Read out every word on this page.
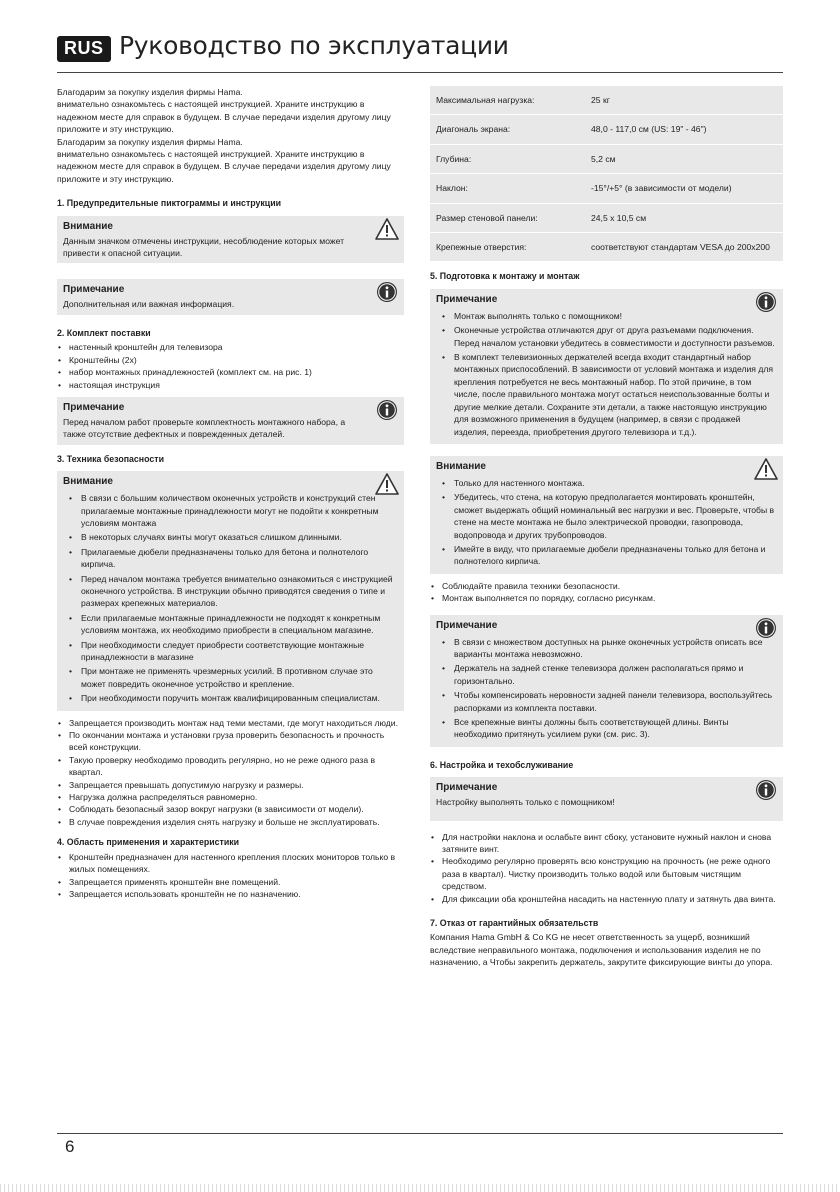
RUS Руководство по эксплуатации

Благодарим за покупку изделия фирмы Hama.

внимательно ознакомьтесь с настоящей инструкцией. Храните инструкцию в надежном месте для справок в будущем. В случае передачи изделия другому лицу приложите и эту инструкцию.

Благодарим за покупку изделия фирмы Hama.

внимательно ознакомьтесь с настоящей инструкцией. Храните инструкцию в надежном месте для справок в будущем. В случае передачи изделия другому лицу приложите и эту инструкцию.

1. Предупредительные пиктограммы и инструкции
Внимание

Данным значком отмечены инструкции, несоблюдение которых может привести к опасной ситуации.

Примечание

Дополнительная или важная информация.

2. Комплект поставки
• настенный кронштейн для телевизора
• Кронштейны (2x)
• набор монтажных принадлежностей (комплект см. на рис. 1)
• настоящая инструкция
Примечание

Перед началом работ проверьте комплектность монтажного набора, а также отсутствие дефектных и поврежденных деталей.

3. Техника безопасности
Внимание
• В связи с большим количеством оконечных устройств и конструкций стен прилагаемые монтажные принадлежности могут не подойти к конкретным условиям монтажа
• В некоторых случаях винты могут оказаться слишком длинными.
• Прилагаемые дюбели предназначены только для бетона и полнотелого кирпича.
• Перед началом монтажа требуется внимательно ознакомиться с инструкцией оконечного устройства. В инструкции обычно приводятся сведения о типе и размерах крепежных материалов.
• Если прилагаемые монтажные принадлежности не подходят к конкретным условиям монтажа, их необходимо приобрести в специальном магазине.
• При необходимости следует приобрести соответствующие монтажные принадлежности в магазине
• При монтаже не применять чрезмерных усилий. В противном случае это может повредить оконечное устройство и крепление.
• При необходимости поручить монтаж квалифицированным специалистам.
• Запрещается производить монтаж над теми местами, где могут находиться люди.
• По окончании монтажа и установки груза проверить безопасность и прочность всей конструкции.
• Такую проверку необходимо проводить регулярно, но не реже одного раза в квартал.
• Запрещается превышать допустимую нагрузку и размеры.
• Нагрузка должна распределяться равномерно.
• Соблюдать безопасный зазор вокруг нагрузки (в зависимости от модели).
• В случае повреждения изделия снять нагрузку и больше не эксплуатировать.
4. Область применения и характеристики
• Кронштейн предназначен для настенного крепления плоских мониторов только в жилых помещениях.
• Запрещается применять кронштейн вне помещений.
• Запрещается использовать кронштейн не по назначению.
Максимальная нагрузка:	25 кг
Диагональ экрана:	48,0 - 117,0 см (US: 19" - 46")
Глубина:	5,2 см
Наклон:	-15°/+5° (в зависимости от модели)
Размер стеновой панели:	24,5 x 10,5 см
Крепежные отверстия:	соответствуют стандартам VESA до 200x200
5. Подготовка к монтажу и монтаж
Примечание
• Монтаж выполнять только с помощником!
• Оконечные устройства отличаются друг от друга разъемами подключения. Перед началом установки убедитесь в совместимости и доступности разъемов.
• В комплект телевизионных держателей всегда входит стандартный набор монтажных приспособлений. В зависимости от условий монтажа и изделия для крепления потребуется не весь монтажный набор. По этой причине, в том числе, после правильного монтажа могут остаться неиспользованные болты и другие мелкие детали. Сохраните эти детали, а также настоящую инструкцию для возможного применения в будущем (например, в связи с продажей изделия, переезда, приобретения другого телевизора и т.д.).
Внимание
• Только для настенного монтажа.
• Убедитесь, что стена, на которую предполагается монтировать кронштейн, сможет выдержать общий номинальный вес нагрузки и вес. Проверьте, чтобы в стене на месте монтажа не было электрической проводки, газопровода, водопровода и других трубопроводов.
• Имейте в виду, что прилагаемые дюбели предназначены только для бетона и полнотелого кирпича.
• Соблюдайте правила техники безопасности.
• Монтаж выполняется по порядку, согласно рисункам.
Примечание
• В связи с множеством доступных на рынке оконечных устройств описать все варианты монтажа невозможно.
• Держатель на задней стенке телевизора должен располагаться прямо и горизонтально.
• Чтобы компенсировать неровности задней панели телевизора, воспользуйтесь распорками из комплекта поставки.
• Все крепежные винты должны быть соответствующей длины. Винты необходимо притянуть усилием руки (см. рис. 3).
6. Настройка и техобслуживание
Примечание

Настройку выполнять только с помощником!

• Для настройки наклона и ослабьте винт сбоку, установите нужный наклон и снова затяните винт.
• Необходимо регулярно проверять всю конструкцию на прочность (не реже одного раза в квартал). Чистку производить только водой или бытовым чистящим средством.
• Для фиксации оба кронштейна насадить на настенную плату и затянуть два винта.
7. Отказ от гарантийных обязательств

Компания Hama GmbH & Co KG не несет ответственность за ущерб, возникший вследствие неправильного монтажа, подключения и использования изделия не по назначению, а Чтобы закрепить держатель, закрутите фиксирующие винты до упора.

6
